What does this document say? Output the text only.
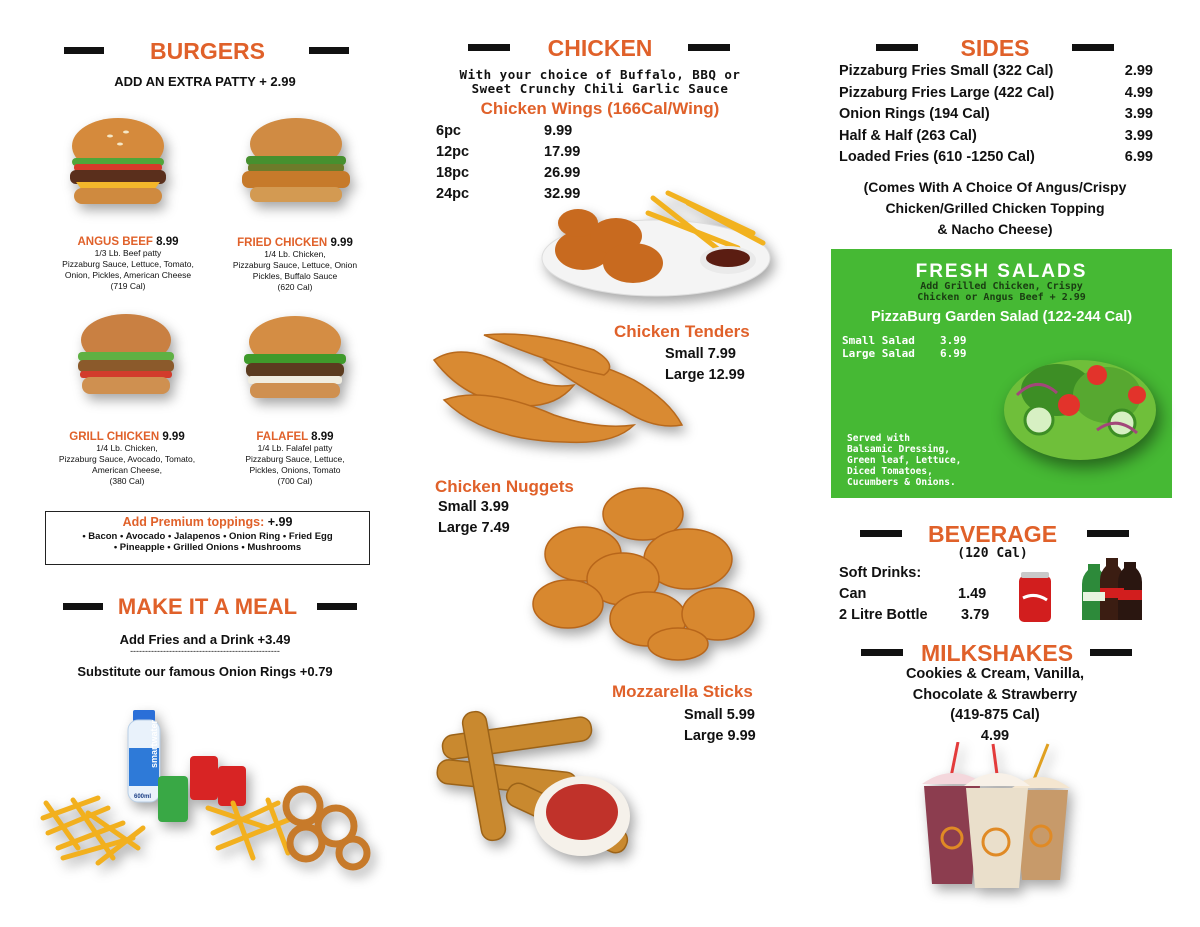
BURGERS
ADD AN EXTRA PATTY + 2.99
ANGUS BEEF 8.99
1/3 Lb. Beef patty
Pizzaburg Sauce, Lettuce, Tomato,
Onion, Pickles, American Cheese
(719 Cal)
FRIED CHICKEN 9.99
1/4 Lb. Chicken,
Pizzaburg Sauce, Lettuce, Onion
Pickles, Buffalo Sauce
(620 Cal)
GRILL CHICKEN 9.99
1/4 Lb. Chicken,
Pizzaburg Sauce, Avocado, Tomato,
American Cheese,
(380 Cal)
FALAFEL 8.99
1/4 Lb. Falafel patty
Pizzaburg Sauce, Lettuce,
Pickles, Onions, Tomato
(700 Cal)
Add Premium toppings: +.99
• Bacon • Avocado • Jalapenos • Onion Ring • Fried Egg
• Pineapple • Grilled Onions • Mushrooms
MAKE IT A MEAL
Add Fries and a Drink +3.49
--------------------------------------------------
Substitute our famous Onion Rings +0.79
smartwater
600ml
CHICKEN
With your choice of Buffalo, BBQ or
Sweet Crunchy Chili Garlic Sauce
Chicken Wings (166Cal/Wing)
6pc	9.99
12pc	17.99
18pc	26.99
24pc	32.99
Chicken Tenders
Small 7.99
Large 12.99
Chicken Nuggets
Small 3.99
Large 7.49
Mozzarella Sticks
Small 5.99
Large 9.99
SIDES
Pizzaburg Fries Small (322 Cal)	2.99
Pizzaburg Fries Large (422 Cal)	4.99
Onion Rings (194 Cal)	3.99
Half & Half (263 Cal)	3.99
Loaded Fries (610 -1250 Cal)	6.99
(Comes With A Choice Of Angus/Crispy
Chicken/Grilled Chicken Topping
& Nacho Cheese)
FRESH SALADS
Add Grilled Chicken, Crispy
Chicken or Angus Beef + 2.99
PizzaBurg Garden Salad (122-244 Cal)
Small Salad 3.99
Large Salad 6.99
Served with
Balsamic Dressing,
Green leaf, Lettuce,
Diced Tomatoes,
Cucumbers & Onions.
BEVERAGE
(120 Cal)
Soft Drinks:
Can	1.49
2 Litre Bottle 3.79
MILKSHAKES
Cookies & Cream, Vanilla,
Chocolate & Strawberry
(419-875 Cal)
4.99
